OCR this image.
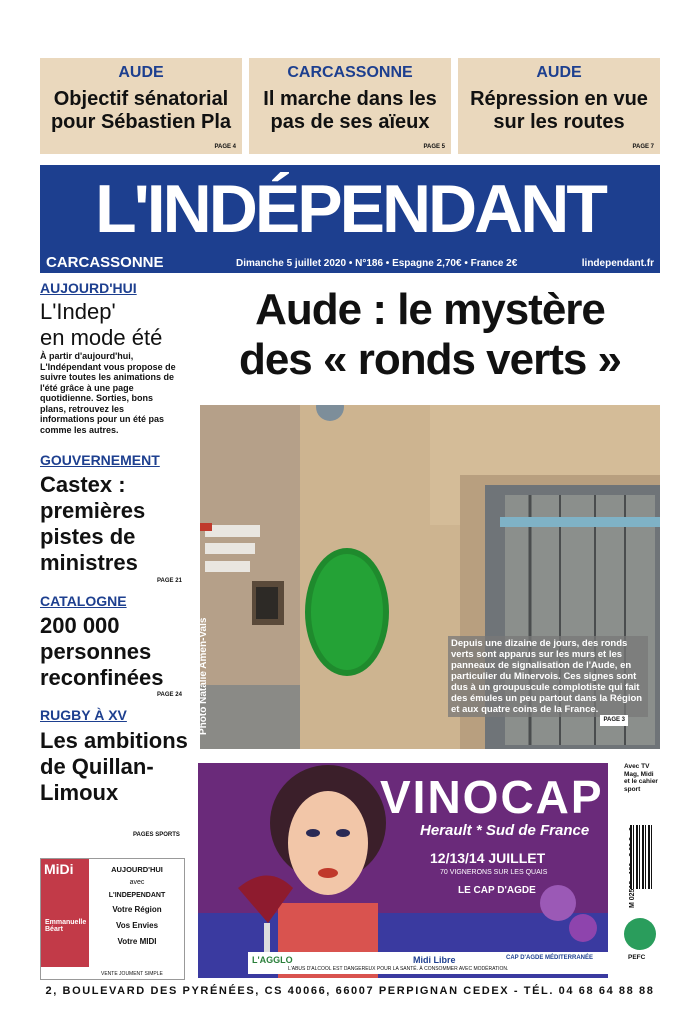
AUDE
Objectif sénatorial pour Sébastien Pla
PAGE 4
CARCASSONNE
Il marche dans les pas de ses aïeux
PAGE 5
AUDE
Répression en vue sur les routes
PAGE 7
L'INDÉPENDANT
CARCASSONNE	Dimanche 5 juillet 2020 • N°186 • Espagne 2,70€ • France 2€	lindependant.fr
AUJOURD'HUI
L'Indep'
en mode été
À partir d'aujourd'hui, L'Indépendant vous propose de suivre toutes les animations de l'été grâce à une page quotidienne. Sorties, bons plans, retrouvez les informations pour un été pas comme les autres.
GOUVERNEMENT
Castex : premières pistes de ministres
PAGE 21
CATALOGNE
200 000 personnes reconfinées
PAGE 24
RUGBY À XV
Les ambitions de Quillan-Limoux
PAGES SPORTS
MiDi
Emmanuelle Béart
AUJOURD'HUI
avec
L'INDEPENDANT
Votre Région
Vos Envies
Votre MIDI
VENTE JOUMENT SIMPLE
Aude : le mystère
des « ronds verts »
Photo Natalie Amen-Vals	Depuis une dizaine de jours, des ronds verts sont apparus sur les murs et les panneaux de signalisation de l'Aude, en particulier du Minervois. Ces signes sont dus à un groupuscule complotiste qui fait des émules un peu partout dans la Région et aux quatre coins de la France.
PAGE 3
VINOCAP
Herault * Sud de France
12/13/14 JUILLET
70 VIGNERONS SUR LES QUAIS
LE CAP D'AGDE
L'AGGLO	Midi Libre	CAP D'AGDE MÉDITERRANÉE
L'ABUS D'ALCOOL EST DANGEREUX POUR LA SANTÉ. À CONSOMMER AVEC MODÉRATION.
Avec TV Mag, Midi et le cahier sport
PEFC
2, BOULEVARD DES PYRÉNÉES, CS 40066, 66007 PERPIGNAN CEDEX - TÉL. 04 68 64 88 88
